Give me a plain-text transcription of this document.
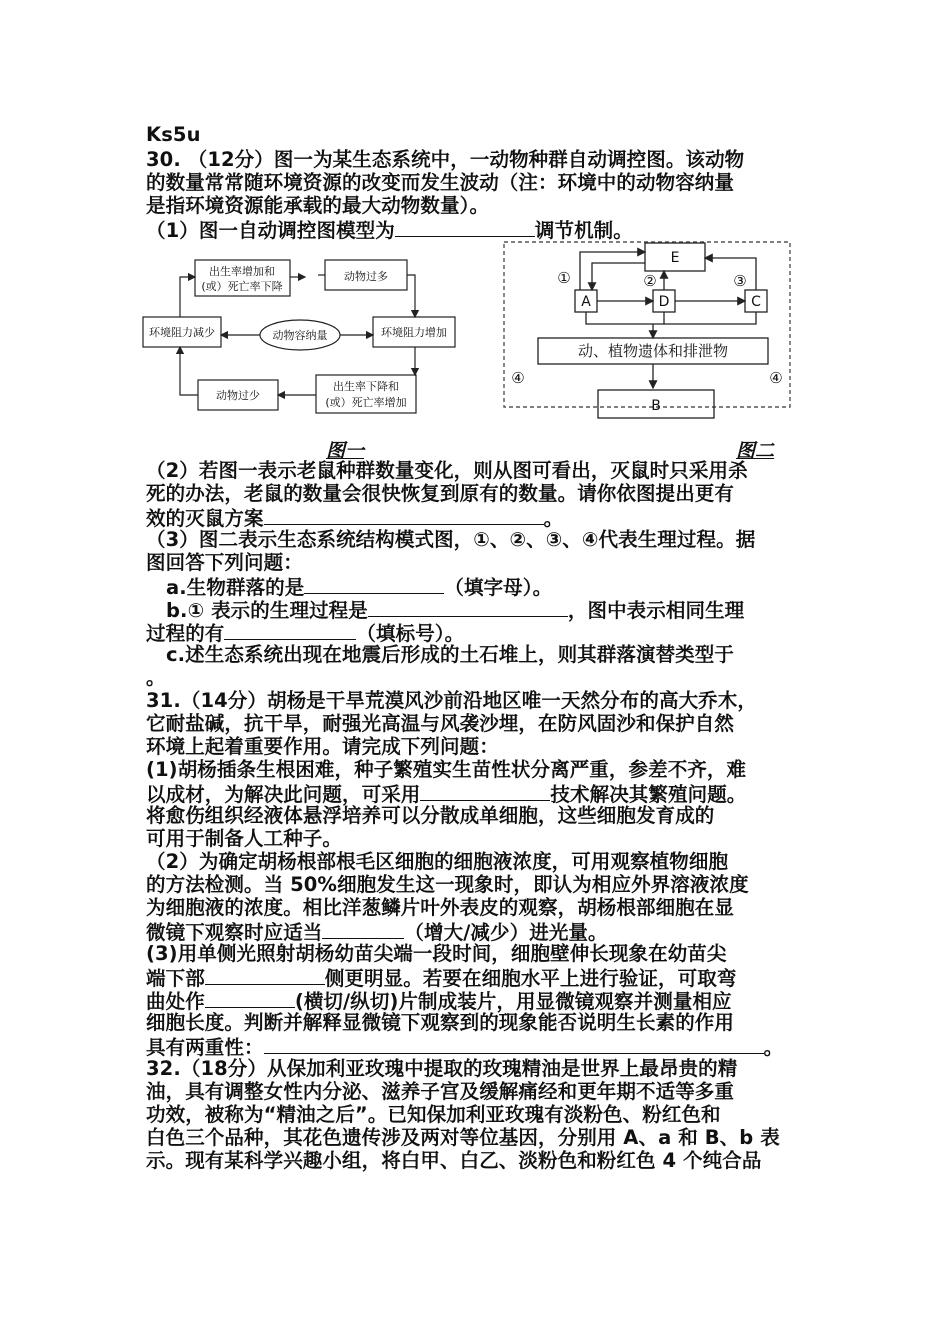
Ks5u
30. （12分）图一为某生态系统中，一动物种群自动调控图。该动物
的数量常常随环境资源的改变而发生波动（注：环境中的动物容纳量
是指环境资源能承载的最大动物数量）。
（1）图一自动调控图模型为	调节机制。
出生率增加和
(或）死亡率下降
动物过多
环境阻力减少	动物容纳量	环境阻力增加
动物过少
出生率下降和
(或）死亡率增加
E
A	D	C
动、植物遗体和排泄物
B
①	②	③
④	④
图一	图二
（2）若图一表示老鼠种群数量变化，则从图可看出，灭鼠时只采用杀
死的办法，老鼠的数量会很快恢复到原有的数量。请你依图提出更有
效的灭鼠方案	。
（3）图二表示生态系统结构模式图，①、②、③、④代表生理过程。据
图回答下列问题：
a.生物群落的是	（填字母）。
b.① 表示的生理过程是	，图中表示相同生理
过程的有	（填标号）。
c.述生态系统出现在地震后形成的土石堆上，则其群落演替类型于
。
31.（14分）胡杨是干旱荒漠风沙前沿地区唯一天然分布的高大乔木，
它耐盐碱，抗干旱，耐强光高温与风袭沙埋，在防风固沙和保护自然
环境上起着重要作用。请完成下列问题：
(1)胡杨插条生根困难，种子繁殖实生苗性状分离严重，参差不齐，难
以成材，为解决此问题，可采用	技术解决其繁殖问题。
将愈伤组织经液体悬浮培养可以分散成单细胞，这些细胞发育成的
可用于制备人工种子。
（2）为确定胡杨根部根毛区细胞的细胞液浓度，可用观察植物细胞
的方法检测。当 50%细胞发生这一现象时，即认为相应外界溶液浓度
为细胞液的浓度。相比洋葱鳞片叶外表皮的观察，胡杨根部细胞在显
微镜下观察时应适当	（增大/减少）进光量。
(3)用单侧光照射胡杨幼苗尖端一段时间，细胞壁伸长现象在幼苗尖
端下部	侧更明显。若要在细胞水平上进行验证，可取弯
曲处作	(横切/纵切)片制成装片，用显微镜观察并测量相应
细胞长度。判断并解释显微镜下观察到的现象能否说明生长素的作用
具有两重性：	。
32.（18分）从保加利亚玫瑰中提取的玫瑰精油是世界上最昂贵的精
油，具有调整女性内分泌、滋养子宫及缓解痛经和更年期不适等多重
功效，被称为“精油之后”。已知保加利亚玫瑰有淡粉色、粉红色和
白色三个品种，其花色遗传涉及两对等位基因，分别用 A、a 和 B、b 表
示。现有某科学兴趣小组，将白甲、白乙、淡粉色和粉红色 4 个纯合品
